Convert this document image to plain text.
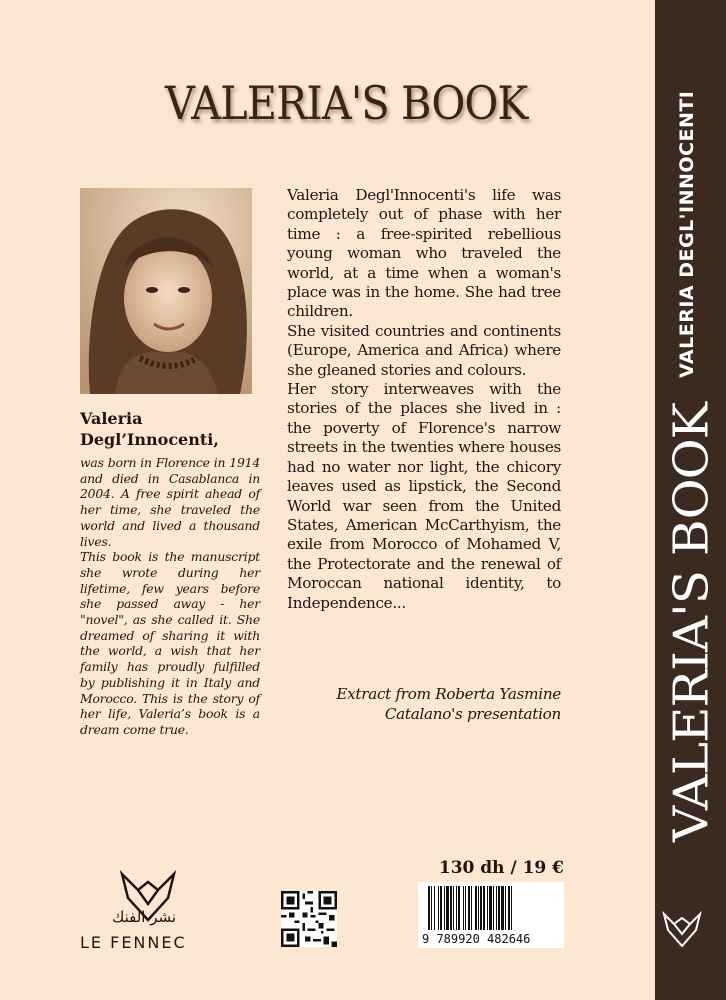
VALERIA DEGL'INNOCENTI
VALERIA'S BOOK
VALERIA'S BOOK
Valeria
Degl’Innocenti,

was born in Florence in 1914 and died in Casablanca in 2004. A free spirit ahead of her time, she traveled the world and lived a thousand lives.

This book is the manuscript she wrote during her lifetime, few years before she passed away - her "novel", as she called it. She dreamed of sharing it with the world, a wish that her family has proudly fulfilled by publishing it in Italy and Morocco. This is the story of her life, Valeria’s book is a dream come true.

Valeria Degl'Innocenti's life was completely out of phase with her time : a free-spirited rebellious young woman who traveled the world, at a time when a woman's place was in the home. She had tree children.

She visited countries and continents (Europe, America and Africa) where she gleaned stories and colours.

Her story interweaves with the stories of the places she lived in : the poverty of Florence's narrow streets in the twenties where houses had no water nor light, the chicory leaves used as lipstick, the Second World war seen from the United States, American McCarthyism, the exile from Morocco of Mohamed V, the Protectorate and the renewal of Moroccan national identity, to Independence...

Extract from Roberta Yasmine
Catalano's presentation
نشر الفنك
LE FENNEC
130 dh / 19 €
9 789920 482646
